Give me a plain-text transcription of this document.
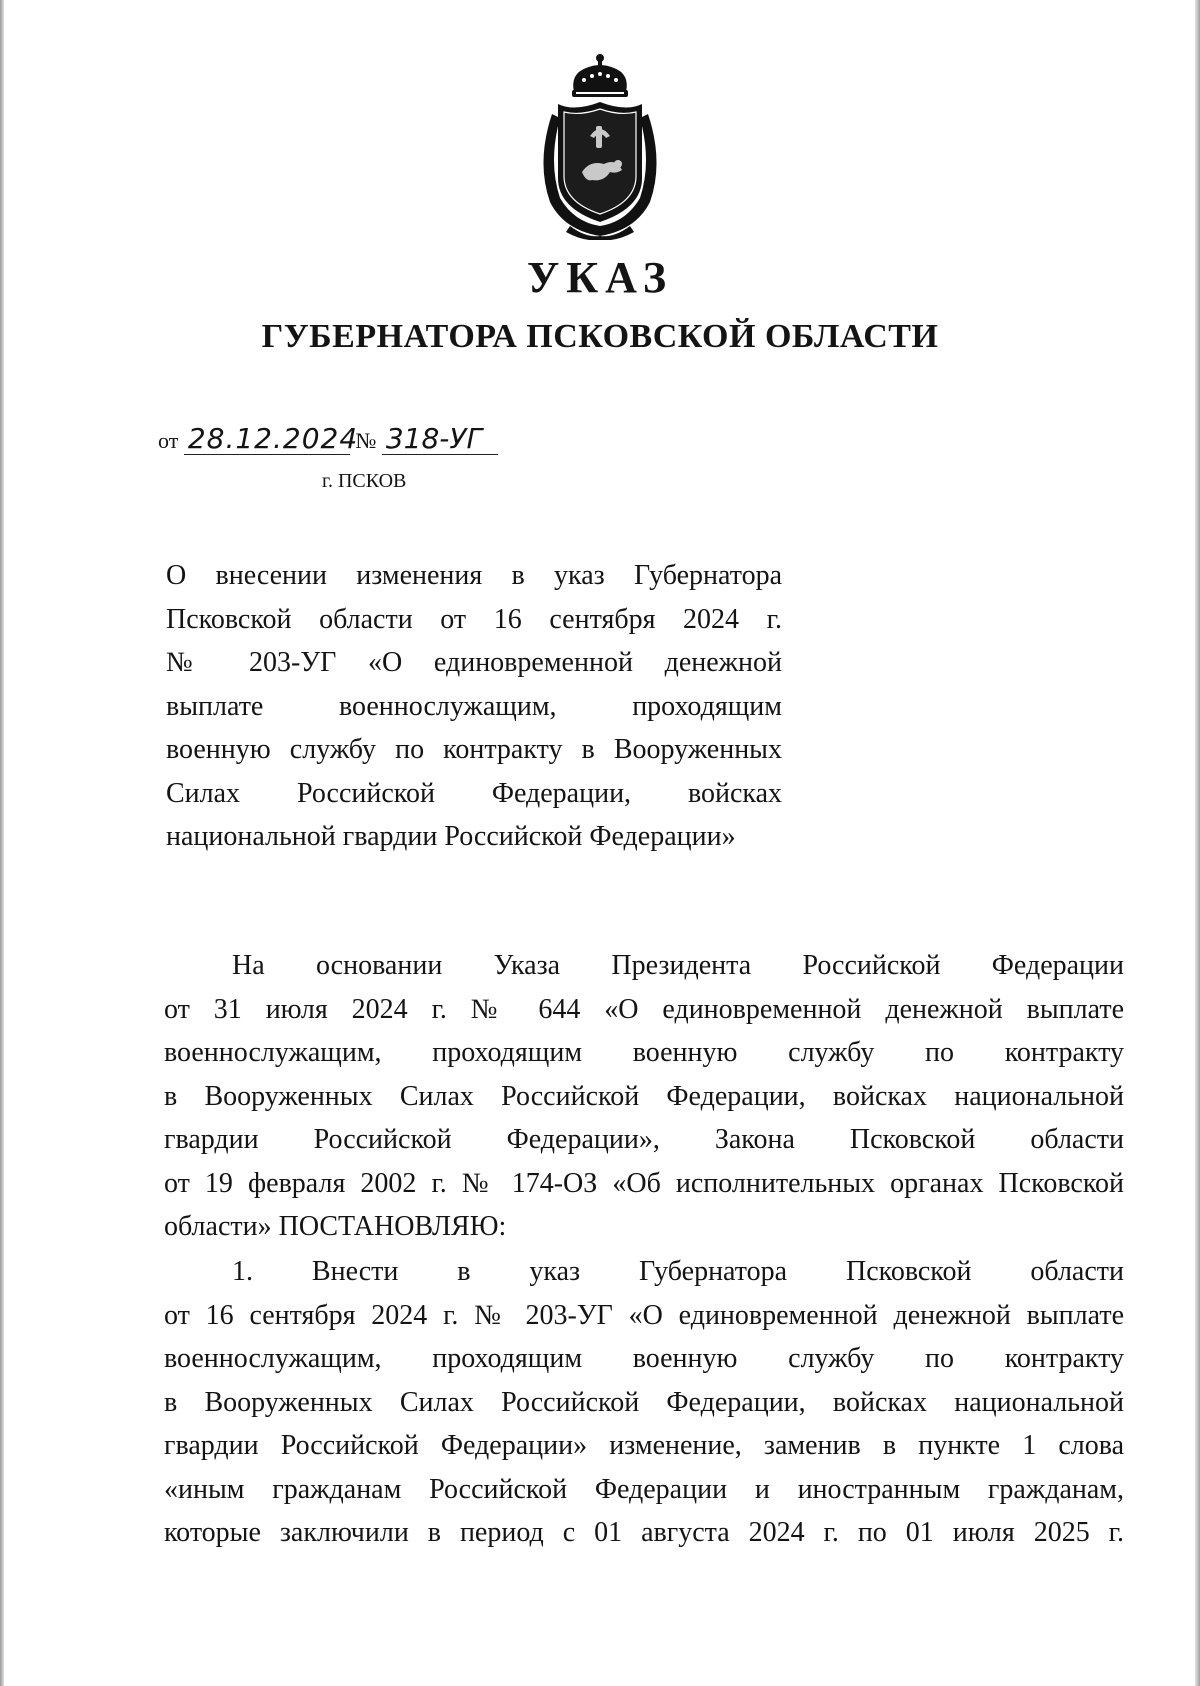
УКАЗ
ГУБЕРНАТОРА ПСКОВСКОЙ ОБЛАСТИ
от 28.12.2024 № 318-УГ
г. ПСКОВ
О внесении изменения в указ Губернатора
Псковской области от 16 сентября 2024 г.
№ 203-УГ «О единовременной денежной
выплате военнослужащим, проходящим
военную службу по контракту в Вооруженных
Силах Российской Федерации, войсках
национальной гвардии Российской Федерации»
На основании Указа Президента Российской Федерации
от 31 июля 2024 г. № 644 «О единовременной денежной выплате
военнослужащим, проходящим военную службу по контракту
в Вооруженных Силах Российской Федерации, войсках национальной
гвардии Российской Федерации», Закона Псковской области
от 19 февраля 2002 г. № 174-ОЗ «Об исполнительных органах Псковской
области» ПОСТАНОВЛЯЮ:
1. Внести в указ Губернатора Псковской области
от 16 сентября 2024 г. № 203-УГ «О единовременной денежной выплате
военнослужащим, проходящим военную службу по контракту
в Вооруженных Силах Российской Федерации, войсках национальной
гвардии Российской Федерации» изменение, заменив в пункте 1 слова
«иным гражданам Российской Федерации и иностранным гражданам,
которые заключили в период с 01 августа 2024 г. по 01 июля 2025 г.
